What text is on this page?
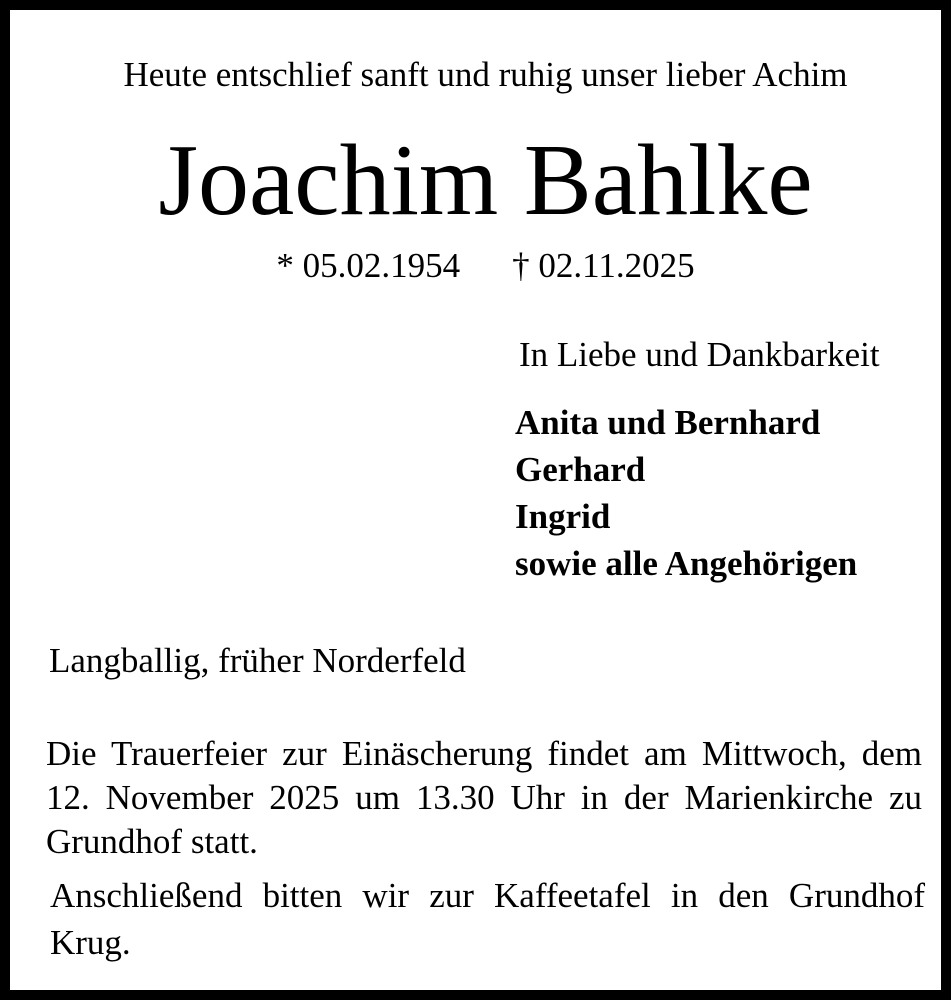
Heute entschlief sanft und ruhig unser lieber Achim
Joachim Bahlke
* 05.02.1954 † 02.11.2025
In Liebe und Dankbarkeit
Anita und Bernhard
Gerhard
Ingrid
sowie alle Angehörigen
Langballig, früher Norderfeld
Die Trauerfeier zur Einäscherung findet am Mittwoch, dem 12. November 2025 um 13.30 Uhr in der Marienkirche zu Grundhof statt.
Anschließend bitten wir zur Kaffeetafel in den Grundhof Krug.
